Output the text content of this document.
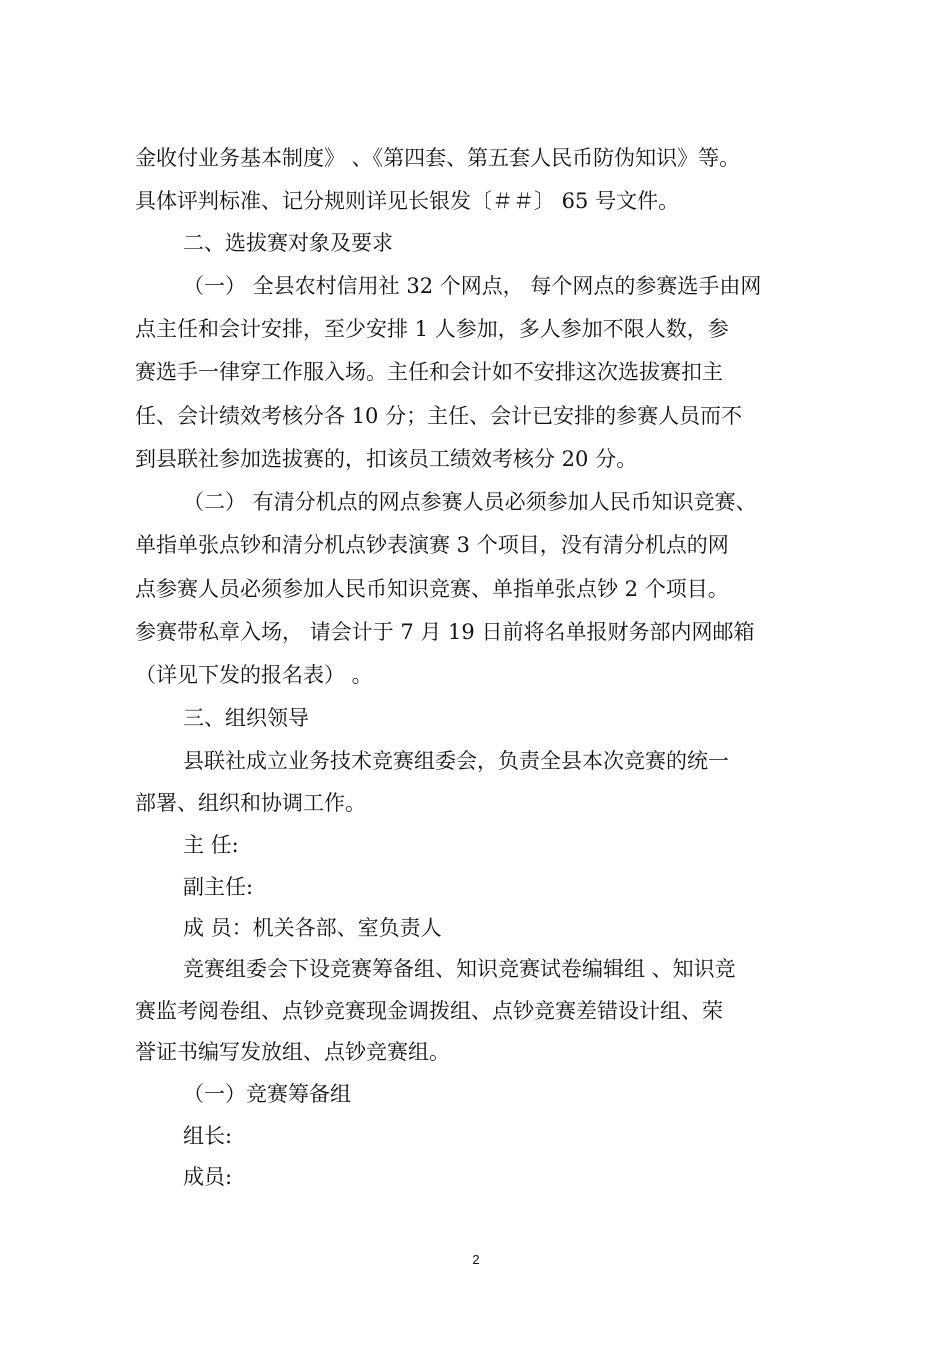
金收付业务基本制度》 、《第四套、第五套人民币防伪知识》等。
具体评判标准、记分规则详见长银发〔＃＃〕 65 号文件。
二、选拔赛对象及要求
（一） 全县农村信用社 32 个网点， 每个网点的参赛选手由网
点主任和会计安排，至少安排 1 人参加，多人参加不限人数，参
赛选手一律穿工作服入场。主任和会计如不安排这次选拔赛扣主
任、会计绩效考核分各 10 分；主任、会计已安排的参赛人员而不
到县联社参加选拔赛的，扣该员工绩效考核分 20 分。
（二） 有清分机点的网点参赛人员必须参加人民币知识竞赛、
单指单张点钞和清分机点钞表演赛 3 个项目，没有清分机点的网
点参赛人员必须参加人民币知识竞赛、单指单张点钞 2 个项目。
参赛带私章入场， 请会计于 7 月 19 日前将名单报财务部内网邮箱
（详见下发的报名表） 。
三、组织领导
县联社成立业务技术竞赛组委会，负责全县本次竞赛的统一
部署、组织和协调工作。
主 任:
副主任:
成 员：机关各部、室负责人
竞赛组委会下设竞赛筹备组、知识竞赛试卷编辑组 、知识竞
赛监考阅卷组、点钞竞赛现金调拨组、点钞竞赛差错设计组、荣
誉证书编写发放组、点钞竞赛组。
（一）竞赛筹备组
组长:
成员:
2
